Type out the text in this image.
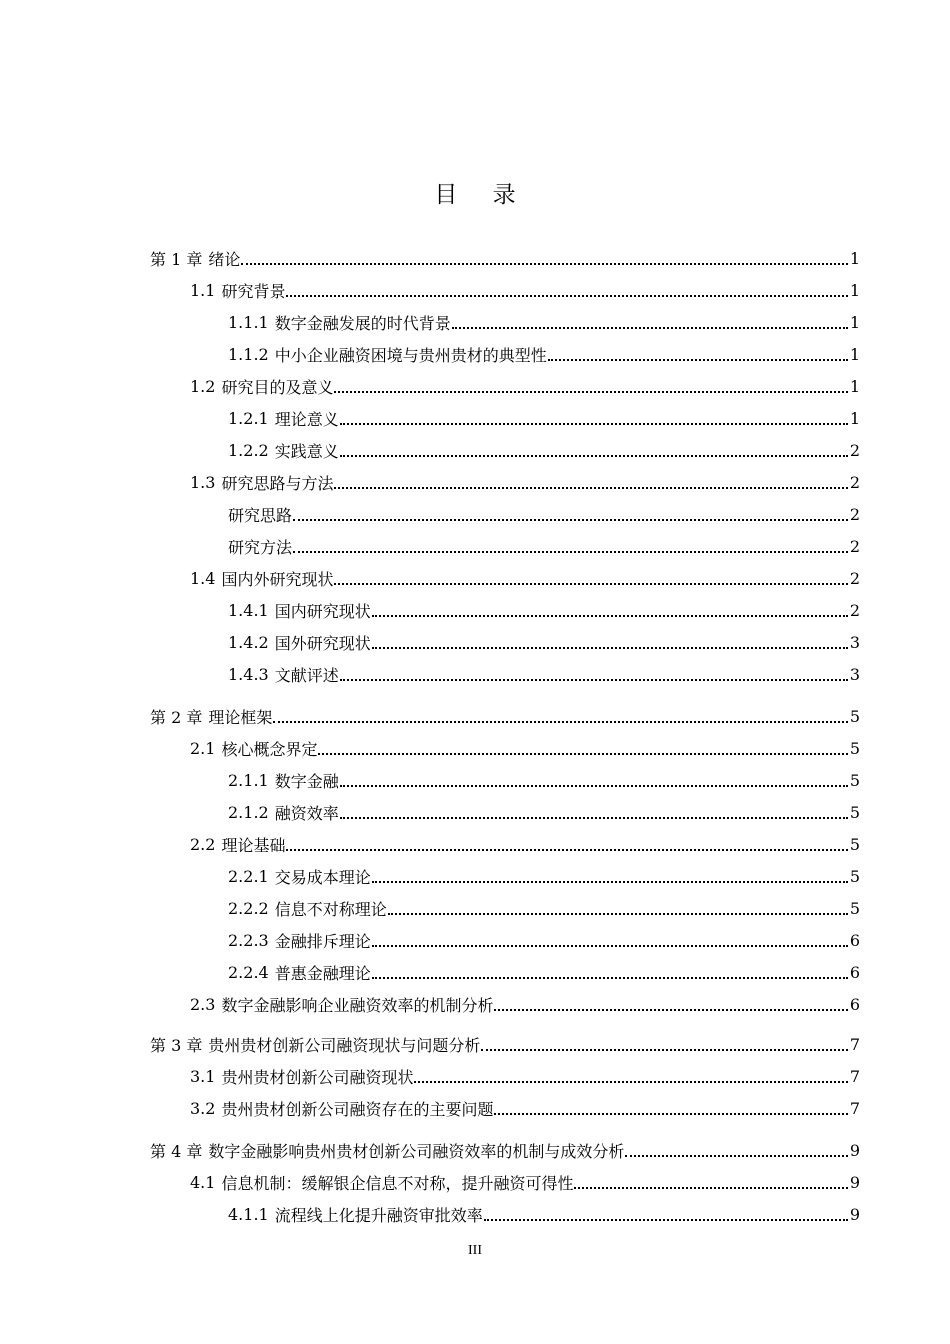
目 录
第 1 章 绪论	1
1.1 研究背景	1
1.1.1 数字金融发展的时代背景	1
1.1.2 中小企业融资困境与贵州贵材的典型性	1
1.2 研究目的及意义	1
1.2.1 理论意义	1
1.2.2 实践意义	2
1.3 研究思路与方法	2
研究思路	2
研究方法	2
1.4 国内外研究现状	2
1.4.1 国内研究现状	2
1.4.2 国外研究现状	3
1.4.3 文献评述	3
第 2 章 理论框架	5
2.1 核心概念界定	5
2.1.1 数字金融	5
2.1.2 融资效率	5
2.2 理论基础	5
2.2.1 交易成本理论	5
2.2.2 信息不对称理论	5
2.2.3 金融排斥理论	6
2.2.4 普惠金融理论	6
2.3 数字金融影响企业融资效率的机制分析	6
第 3 章 贵州贵材创新公司融资现状与问题分析	7
3.1 贵州贵材创新公司融资现状	7
3.2 贵州贵材创新公司融资存在的主要问题	7
第 4 章 数字金融影响贵州贵材创新公司融资效率的机制与成效分析	9
4.1 信息机制：缓解银企信息不对称，提升融资可得性	9
4.1.1 流程线上化提升融资审批效率	9
III
